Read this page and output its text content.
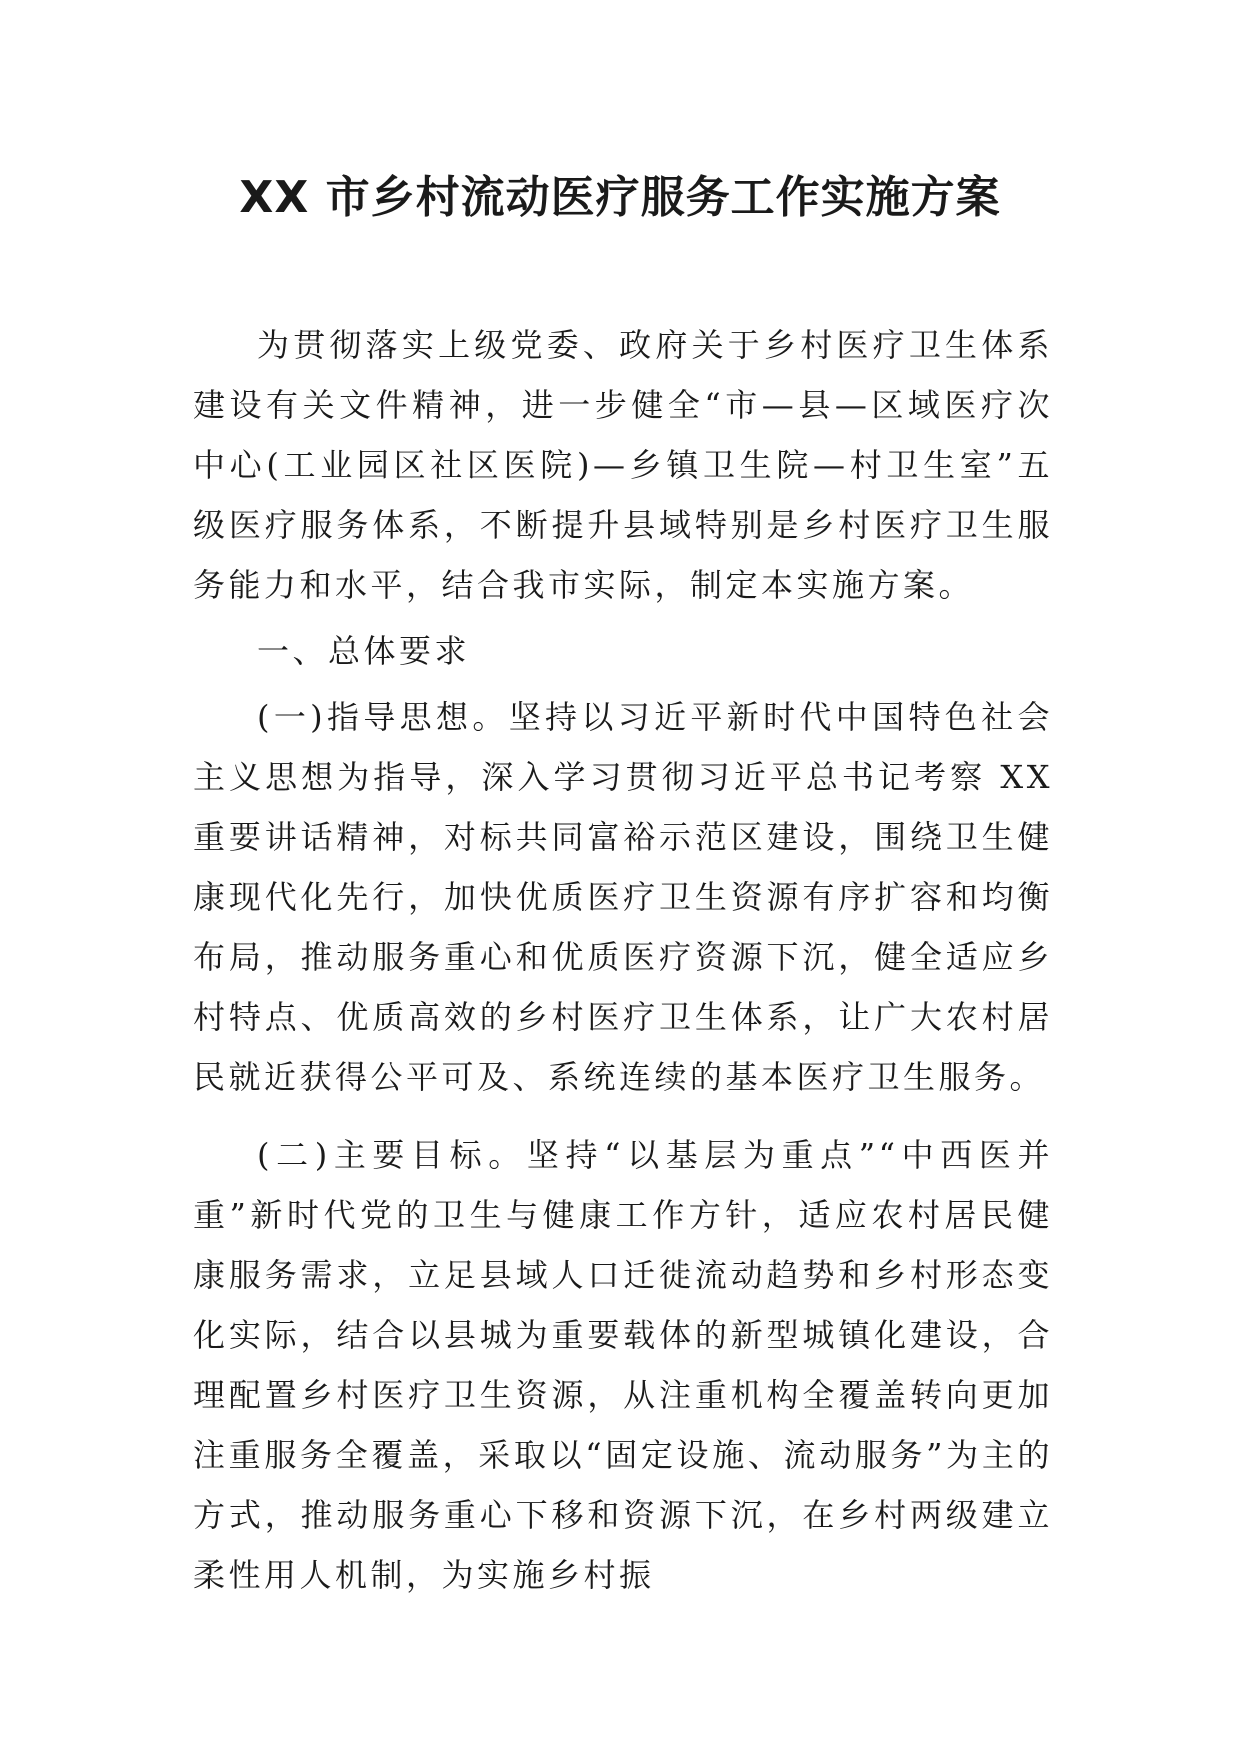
XX 市乡村流动医疗服务工作实施方案

为贯彻落实上级党委、政府关于乡村医疗卫生体系建设有关文件精神，进一步健全“市—县—区域医疗次中心(工业园区社区医院)—乡镇卫生院—村卫生室”五级医疗服务体系，不断提升县域特别是乡村医疗卫生服务能力和水平，结合我市实际，制定本实施方案。

一、总体要求

(一)指导思想。坚持以习近平新时代中国特色社会主义思想为指导，深入学习贯彻习近平总书记考察 XX 重要讲话精神，对标共同富裕示范区建设，围绕卫生健康现代化先行，加快优质医疗卫生资源有序扩容和均衡布局，推动服务重心和优质医疗资源下沉，健全适应乡村特点、优质高效的乡村医疗卫生体系，让广大农村居民就近获得公平可及、系统连续的基本医疗卫生服务。

(二)主要目标。坚持“以基层为重点”“中西医并重”新时代党的卫生与健康工作方针，适应农村居民健康服务需求，立足县域人口迁徙流动趋势和乡村形态变化实际，结合以县城为重要载体的新型城镇化建设，合理配置乡村医疗卫生资源，从注重机构全覆盖转向更加注重服务全覆盖，采取以“固定设施、流动服务”为主的方式，推动服务重心下移和资源下沉，在乡村两级建立柔性用人机制，为实施乡村振
